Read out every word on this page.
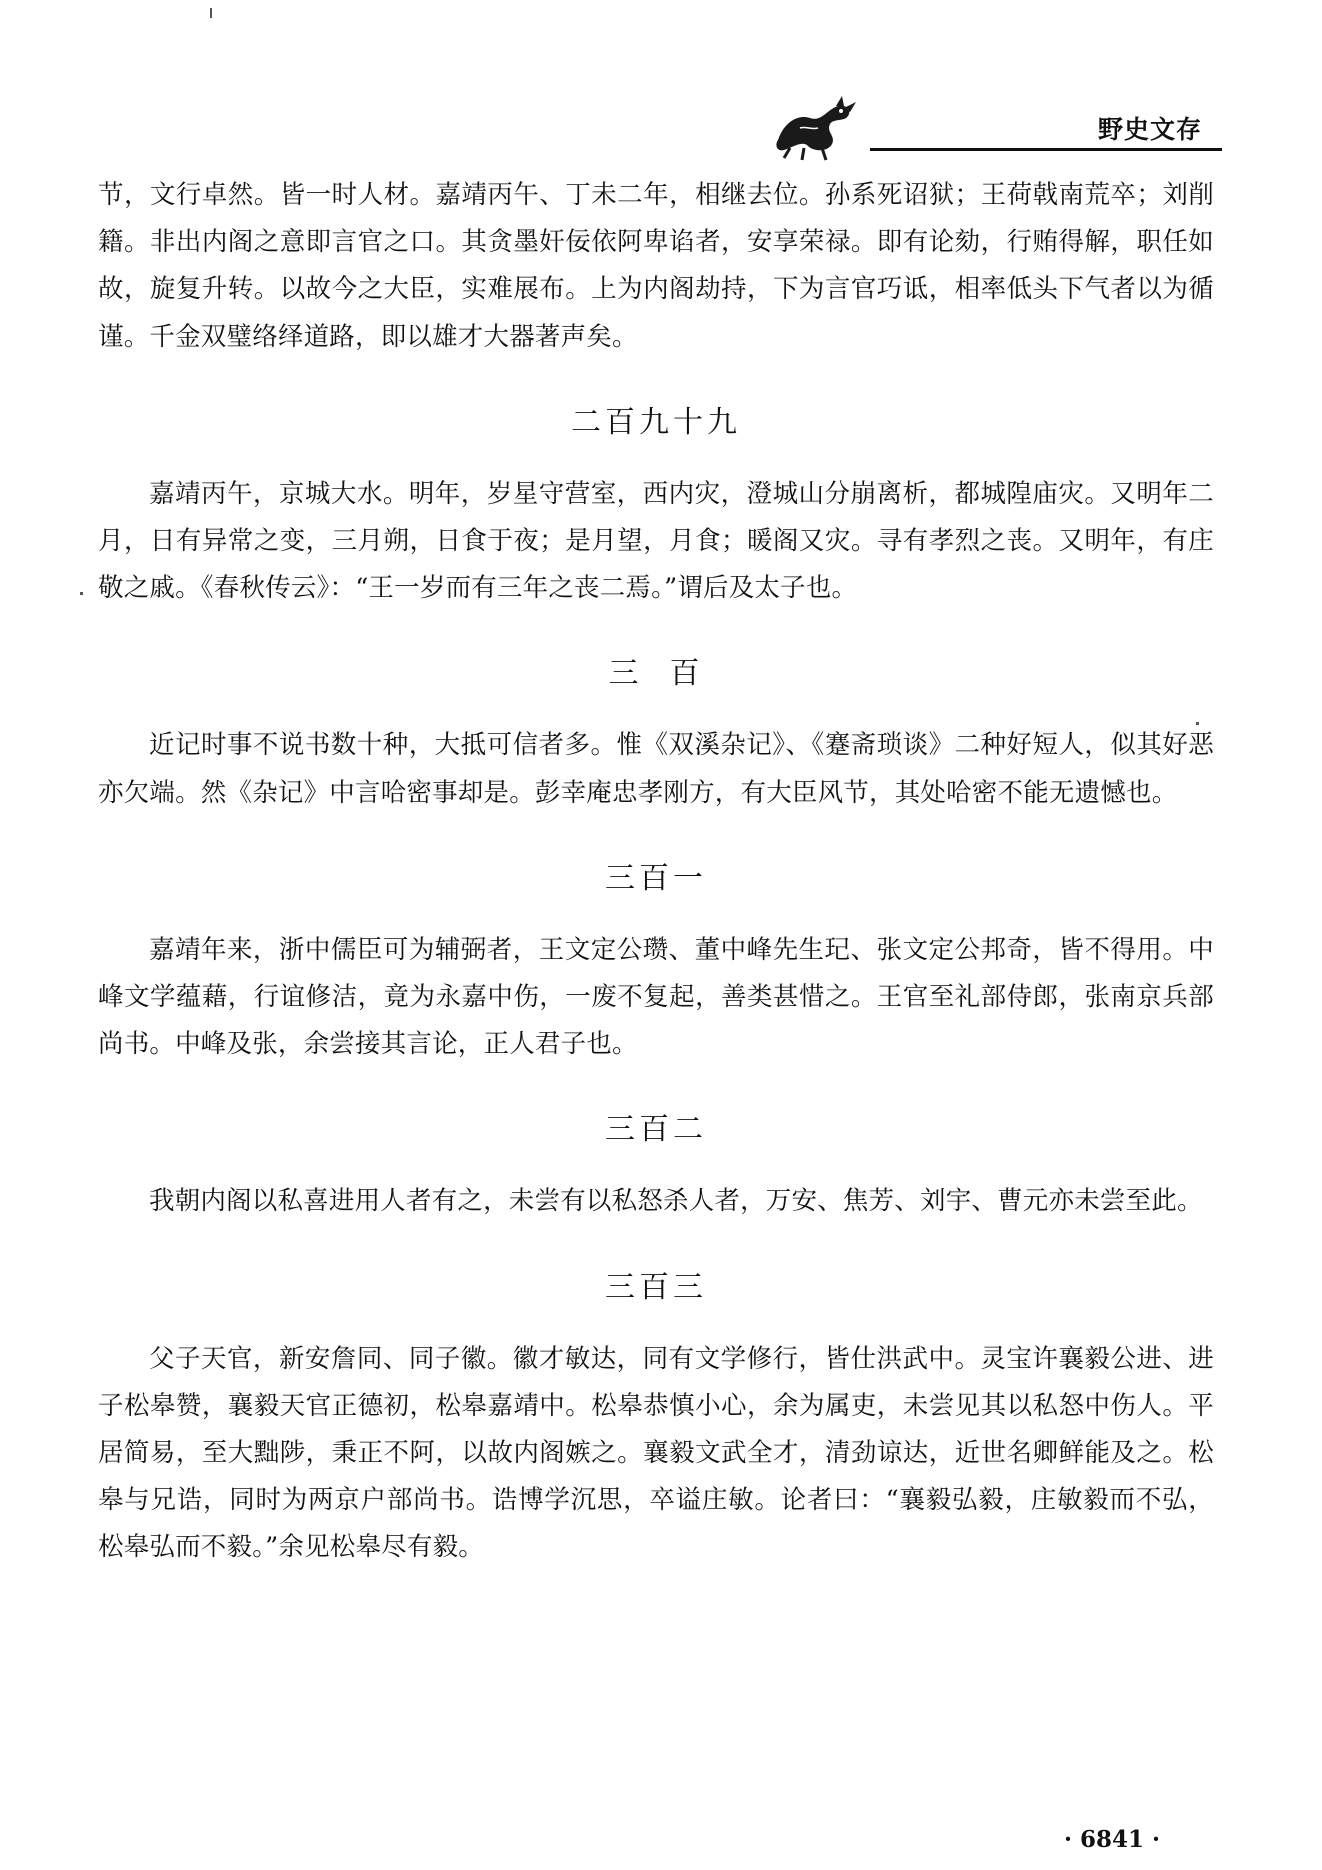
野史文存

节，文行卓然。皆一时人材。嘉靖丙午、丁未二年，相继去位。孙系死诏狱；王荷戟南荒卒；刘削籍。非出内阁之意即言官之口。其贪墨奸佞依阿卑谄者，安享荣禄。即有论劾，行贿得解，职任如故，旋复升转。以故今之大臣，实难展布。上为内阁劫持，下为言官巧诋，相率低头下气者以为循谨。千金双璧络绎道路，即以雄才大器著声矣。

二百九十九

嘉靖丙午，京城大水。明年，岁星守营室，西内灾，澄城山分崩离析，都城隍庙灾。又明年二月，日有异常之变，三月朔，日食于夜；是月望，月食；暖阁又灾。寻有孝烈之丧。又明年，有庄敬之戚。《春秋传云》：“王一岁而有三年之丧二焉。”谓后及太子也。

三  百

近记时事不说书数十种，大抵可信者多。惟《双溪杂记》、《蹇斋琐谈》二种好短人，似其好恶亦欠端。然《杂记》中言哈密事却是。彭幸庵忠孝刚方，有大臣风节，其处哈密不能无遗憾也。

三百一

嘉靖年来，浙中儒臣可为辅弼者，王文定公瓒、董中峰先生玘、张文定公邦奇，皆不得用。中峰文学蕴藉，行谊修洁，竟为永嘉中伤，一废不复起，善类甚惜之。王官至礼部侍郎，张南京兵部尚书。中峰及张，余尝接其言论，正人君子也。

三百二

我朝内阁以私喜进用人者有之，未尝有以私怒杀人者，万安、焦芳、刘宇、曹元亦未尝至此。

三百三

父子天官，新安詹同、同子徽。徽才敏达，同有文学修行，皆仕洪武中。灵宝许襄毅公进、进子松皋赞，襄毅天官正德初，松皋嘉靖中。松皋恭慎小心，余为属吏，未尝见其以私怒中伤人。平居简易，至大黜陟，秉正不阿，以故内阁嫉之。襄毅文武全才，清劲谅达，近世名卿鲜能及之。松皋与兄诰，同时为两京户部尚书。诰博学沉思，卒谥庄敏。论者曰：“襄毅弘毅，庄敏毅而不弘，松皋弘而不毅。”余见松皋尽有毅。

· 6841 ·
